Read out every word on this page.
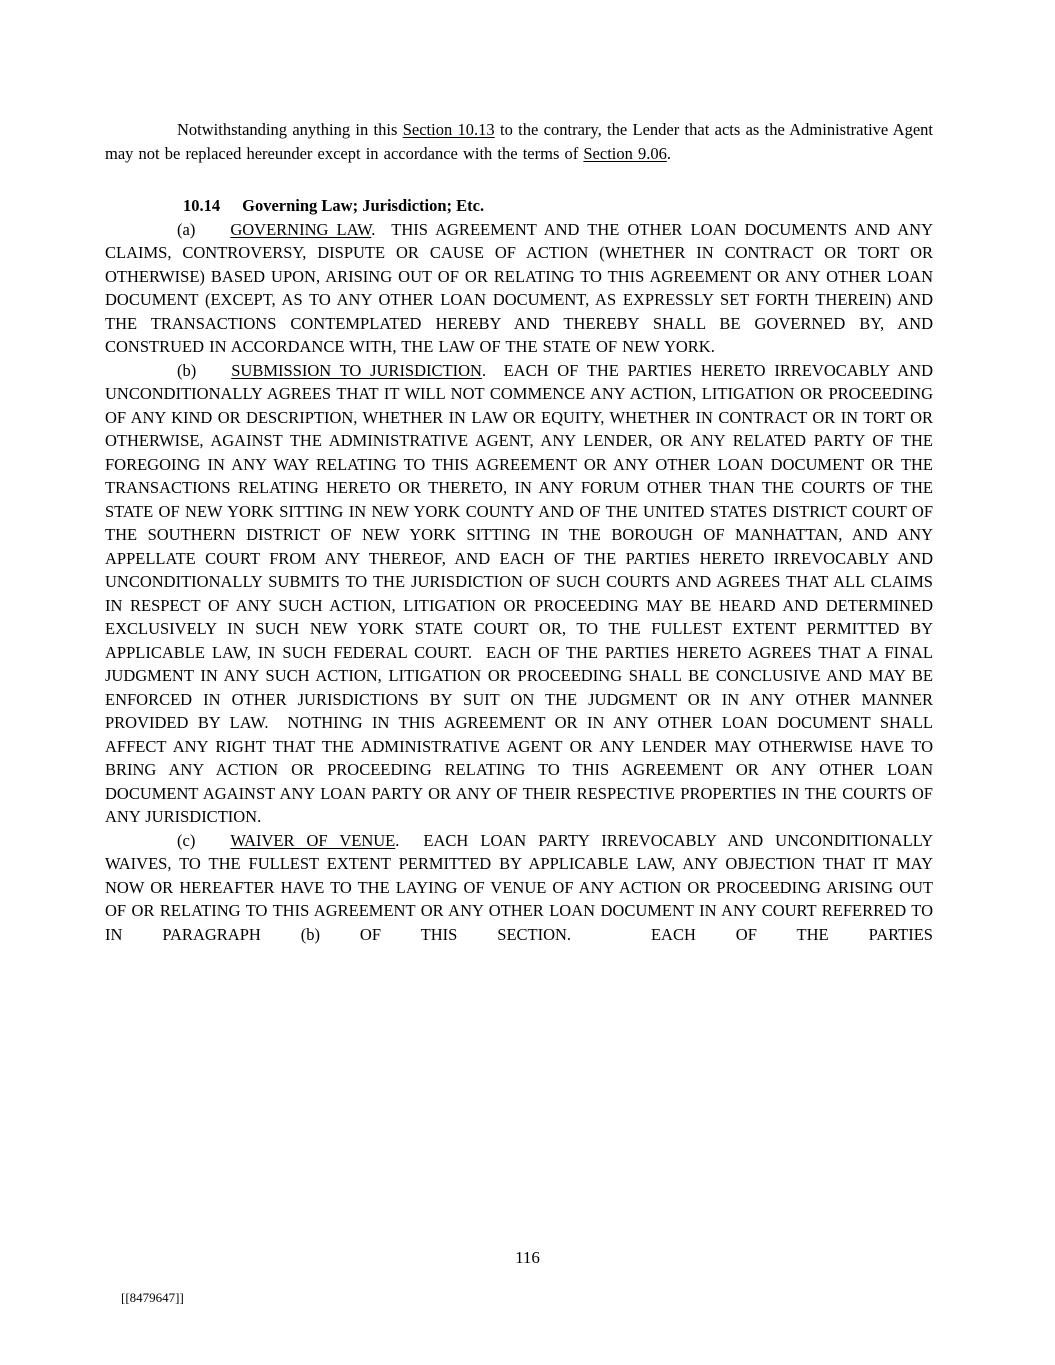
Notwithstanding anything in this Section 10.13 to the contrary, the Lender that acts as the Administrative Agent may not be replaced hereunder except in accordance with the terms of Section 9.06.

10.14 Governing Law; Jurisdiction; Etc.

(a) GOVERNING LAW.  THIS AGREEMENT AND THE OTHER LOAN DOCUMENTS AND ANY CLAIMS, CONTROVERSY, DISPUTE OR CAUSE OF ACTION (WHETHER IN CONTRACT OR TORT OR OTHERWISE) BASED UPON, ARISING OUT OF OR RELATING TO THIS AGREEMENT OR ANY OTHER LOAN DOCUMENT (EXCEPT, AS TO ANY OTHER LOAN DOCUMENT, AS EXPRESSLY SET FORTH THEREIN) AND THE TRANSACTIONS CONTEMPLATED HEREBY AND THEREBY SHALL BE GOVERNED BY, AND CONSTRUED IN ACCORDANCE WITH, THE LAW OF THE STATE OF NEW YORK.

(b) SUBMISSION TO JURISDICTION.  EACH OF THE PARTIES HERETO IRREVOCABLY AND UNCONDITIONALLY AGREES THAT IT WILL NOT COMMENCE ANY ACTION, LITIGATION OR PROCEEDING OF ANY KIND OR DESCRIPTION, WHETHER IN LAW OR EQUITY, WHETHER IN CONTRACT OR IN TORT OR OTHERWISE, AGAINST THE ADMINISTRATIVE AGENT, ANY LENDER, OR ANY RELATED PARTY OF THE FOREGOING IN ANY WAY RELATING TO THIS AGREEMENT OR ANY OTHER LOAN DOCUMENT OR THE TRANSACTIONS RELATING HERETO OR THERETO, IN ANY FORUM OTHER THAN THE COURTS OF THE STATE OF NEW YORK SITTING IN NEW YORK COUNTY AND OF THE UNITED STATES DISTRICT COURT OF THE SOUTHERN DISTRICT OF NEW YORK SITTING IN THE BOROUGH OF MANHATTAN, AND ANY APPELLATE COURT FROM ANY THEREOF, AND EACH OF THE PARTIES HERETO IRREVOCABLY AND UNCONDITIONALLY SUBMITS TO THE JURISDICTION OF SUCH COURTS AND AGREES THAT ALL CLAIMS IN RESPECT OF ANY SUCH ACTION, LITIGATION OR PROCEEDING MAY BE HEARD AND DETERMINED EXCLUSIVELY IN SUCH NEW YORK STATE COURT OR, TO THE FULLEST EXTENT PERMITTED BY APPLICABLE LAW, IN SUCH FEDERAL COURT.  EACH OF THE PARTIES HERETO AGREES THAT A FINAL JUDGMENT IN ANY SUCH ACTION, LITIGATION OR PROCEEDING SHALL BE CONCLUSIVE AND MAY BE ENFORCED IN OTHER JURISDICTIONS BY SUIT ON THE JUDGMENT OR IN ANY OTHER MANNER PROVIDED BY LAW.  NOTHING IN THIS AGREEMENT OR IN ANY OTHER LOAN DOCUMENT SHALL AFFECT ANY RIGHT THAT THE ADMINISTRATIVE AGENT OR ANY LENDER MAY OTHERWISE HAVE TO BRING ANY ACTION OR PROCEEDING RELATING TO THIS AGREEMENT OR ANY OTHER LOAN DOCUMENT AGAINST ANY LOAN PARTY OR ANY OF THEIR RESPECTIVE PROPERTIES IN THE COURTS OF ANY JURISDICTION.

(c) WAIVER OF VENUE.  EACH LOAN PARTY IRREVOCABLY AND UNCONDITIONALLY WAIVES, TO THE FULLEST EXTENT PERMITTED BY APPLICABLE LAW, ANY OBJECTION THAT IT MAY NOW OR HEREAFTER HAVE TO THE LAYING OF VENUE OF ANY ACTION OR PROCEEDING ARISING OUT OF OR RELATING TO THIS AGREEMENT OR ANY OTHER LOAN DOCUMENT IN ANY COURT REFERRED TO IN PARAGRAPH (b) OF THIS SECTION.  EACH OF THE PARTIES

116
[[8479647]]
